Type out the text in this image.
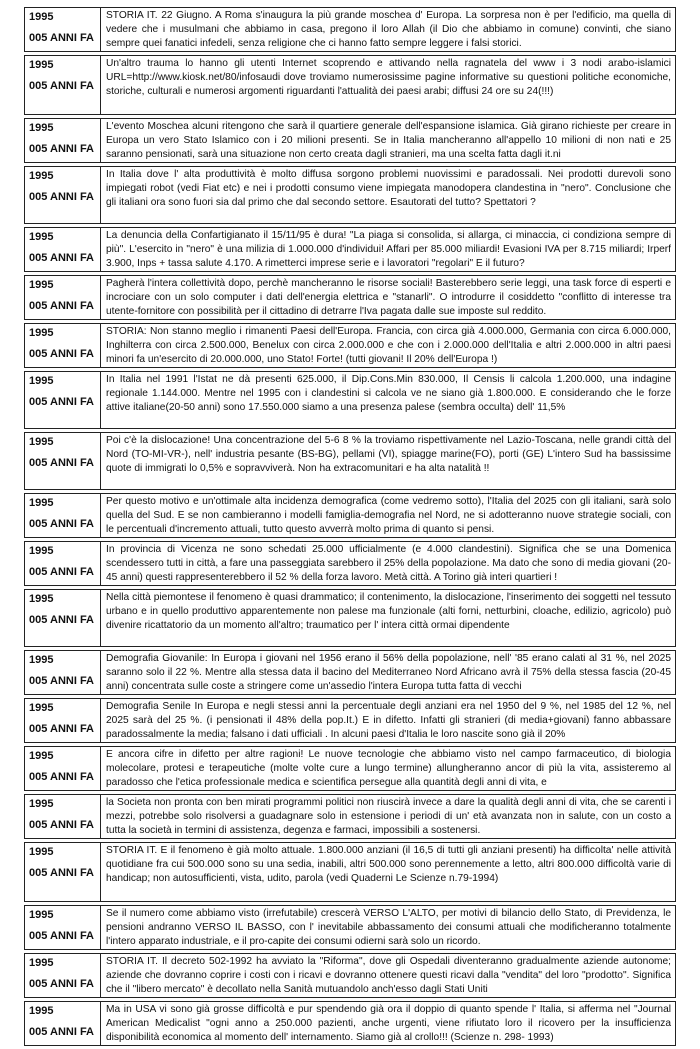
1995
005 ANNI FA
STORIA IT. 22 Giugno. A Roma s'inaugura la più grande moschea d' Europa. La sorpresa non è per l'edificio, ma quella di vedere che i musulmani che abbiamo in casa, pregono il loro Allah (il Dio che abbiamo in comune) convinti, che siano sempre quei fanatici infedeli, senza religione che ci hanno fatto sempre leggere i falsi storici.
1995
005 ANNI FA
Un'altro trauma lo hanno gli utenti Internet scoprendo e attivando nella ragnatela del www i 3 nodi arabo-islamici URL=http://www.kiosk.net/80/infosaudi dove troviamo numerosissime pagine informative su questioni politiche economiche, storiche, culturali e numerosi argomenti riguardanti l'attualità dei paesi arabi; diffusi 24 ore su 24(!!!)
1995
005 ANNI FA
L'evento Moschea alcuni ritengono che sarà il quartiere generale dell'espansione islamica. Già girano richieste per creare in Europa un vero Stato Islamico con i 20 milioni presenti. Se in Italia mancheranno all'appello 10 milioni di non nati e 25 saranno pensionati, sarà una situazione non certo creata dagli stranieri, ma una scelta fatta dagli it.ni
1995
005 ANNI FA
In Italia dove l' alta produttività è molto diffusa sorgono problemi nuovissimi e paradossali. Nei prodotti durevoli sono impiegati robot (vedi Fiat etc) e nei i prodotti consumo viene impiegata manodopera clandestina in "nero". Conclusione che gli italiani ora sono fuori sia dal primo che dal secondo settore. Esautorati del tutto? Spettatori ?
1995
005 ANNI FA
La denuncia della Confartigianato il 15/11/95 è dura! "La piaga si consolida, si allarga, ci minaccia, ci condiziona sempre di più". L'esercito in "nero" è una milizia di 1.000.000 d'individui! Affari per 85.000 miliardi! Evasioni IVA per 8.715 miliardi; Irperf 3.900, Inps + tassa salute 4.170. A rimetterci imprese serie e i lavoratori "regolari" E il futuro?
1995
005 ANNI FA
Pagherà l'intera collettività dopo, perchè mancheranno le risorse sociali! Basterebbero serie leggi, una task force di esperti e incrociare con un solo computer i dati dell'energia elettrica e "stanarli". O introdurre il cosiddetto "conflitto di interesse tra utente-fornitore con possibilità per il cittadino di detrarre l'Iva pagata dalle sue imposte sul reddito.
1995
005 ANNI FA
STORIA: Non stanno meglio i rimanenti Paesi dell'Europa. Francia, con circa già 4.000.000, Germania con circa 6.000.000, Inghilterra con circa 2.500.000, Benelux con circa 2.000.000 e che con i 2.000.000 dell'Italia e altri 2.000.000 in altri paesi minori fa un'esercito di 20.000.000, uno Stato! Forte! (tutti giovani! Il 20% dell'Europa !)
1995
005 ANNI FA
In Italia nel 1991 l'Istat ne dà presenti 625.000, il Dip.Cons.Min 830.000, Il Censis li calcola 1.200.000, una indagine regionale 1.144.000. Mentre nel 1995 con i clandestini si calcola ve ne siano già 1.800.000. E considerando che le forze attive italiane(20-50 anni) sono 17.550.000 siamo a una presenza palese (sembra occulta) dell' 11,5%
1995
005 ANNI FA
Poi c'è la dislocazione! Una concentrazione del 5-6 8 % la troviamo rispettivamente nel Lazio-Toscana, nelle grandi città del Nord (TO-MI-VR-), nell' industria pesante (BS-BG), pellami (VI), spiagge marine(FO), porti (GE) L'intero Sud ha bassissime quote di immigrati lo 0,5% e sopravviverà. Non ha extracomunitari e ha alta natalità !!
1995
005 ANNI FA
Per questo motivo e un'ottimale alta incidenza demografica (come vedremo sotto), l'Italia del 2025 con gli italiani, sarà solo quella del Sud. E se non cambieranno i modelli famiglia-demografia nel Nord, ne si adotteranno nuove strategie sociali, con le percentuali d'incremento attuali, tutto questo avverrà molto prima di quanto si pensi.
1995
005 ANNI FA
In provincia di Vicenza ne sono schedati 25.000 ufficialmente (e 4.000 clandestini). Significa che se una Domenica scendessero tutti in città, a fare una passeggiata sarebbero il 25% della popolazione. Ma dato che sono di media giovani (20-45 anni) questi rappresenterebbero il 52 % della forza lavoro. Metà città. A Torino già interi quartieri !
1995
005 ANNI FA
Nella città piemontese il fenomeno è quasi drammatico; il contenimento, la dislocazione, l'inserimento dei soggetti nel tessuto urbano e in quello produttivo apparentemente non palese ma funzionale (alti forni, netturbini, cloache, edilizio, agricolo) può divenire ricattatorio da un momento all'altro; traumatico per l' intera città ormai dipendente
1995
005 ANNI FA
Demografia Giovanile: In Europa i giovani nel 1956 erano il 56% della popolazione, nell' '85 erano calati al 31 %, nel 2025 saranno solo il 22 %. Mentre alla stessa data il bacino del Mediterraneo Nord Africano avrà il 75% della stessa fascia (20-45 anni) concentrata sulle coste a stringere come un'assedio l'intera Europa tutta fatta di vecchi
1995
005 ANNI FA
Demografia Senile In Europa e negli stessi anni la percentuale degli anziani era nel 1950 del 9 %, nel 1985 del 12 %, nel 2025 sarà del 25 %. (i pensionati il 48% della pop.It.) E in difetto. Infatti gli stranieri (di media+giovani) fanno abbassare paradossalmente la media; falsano i dati ufficiali . In alcuni paesi d'Italia le loro nascite sono già il 20%
1995
005 ANNI FA
E ancora cifre in difetto per altre ragioni! Le nuove tecnologie che abbiamo visto nel campo farmaceutico, di biologia molecolare, protesi e terapeutiche (molte volte cure a lungo termine) allungheranno ancor di più la vita, assisteremo al paradosso che l'etica professionale medica e scientifica persegue alla quantità degli anni di vita, e
1995
005 ANNI FA
la Societa non pronta con ben mirati programmi politici non riuscirà invece a dare la qualità degli anni di vita, che se carenti i mezzi, potrebbe solo risolversi a guadagnare solo in estensione i periodi di un' età avanzata non in salute, con un costo a tutta la società in termini di assistenza, degenza e farmaci, impossibili a sostenersi.
1995
005 ANNI FA
STORIA IT. E il fenomeno è già molto attuale. 1.800.000 anziani (il 16,5 di tutti gli anziani presenti) ha difficolta' nelle attività quotidiane fra cui 500.000 sono su una sedia, inabili, altri 500.000 sono perennemente a letto, altri 800.000 difficoltà varie di handicap; non autosufficienti, vista, udito, parola (vedi Quaderni Le Scienze n.79-1994)
1995
005 ANNI FA
Se il numero come abbiamo visto (irrefutabile) crescerà VERSO L'ALTO, per motivi di bilancio dello Stato, di Previdenza, le pensioni andranno VERSO IL BASSO, con l' inevitabile abbassamento dei consumi attuali che modificheranno totalmente l'intero apparato industriale, e il pro-capite dei consumi odierni sarà solo un ricordo.
1995
005 ANNI FA
STORIA IT. Il decreto 502-1992 ha avviato la "Riforma", dove gli Ospedali diventeranno gradualmente aziende autonome; aziende che dovranno coprire i costi con i ricavi e dovranno ottenere questi ricavi dalla "vendita" del loro "prodotto". Significa che il "libero mercato" è decollato nella Sanità mutuandolo anch'esso dagli Stati Uniti
1995
005 ANNI FA
Ma in USA vi sono già grosse difficoltà e pur spendendo già ora il doppio di quanto spende l' Italia, si afferma nel "Journal American Medicalist "ogni anno a 250.000 pazienti, anche urgenti, viene rifiutato loro il ricovero per la insufficienza disponibilità economica al momento dell' internamento. Siamo già al crollo!!! (Scienze n. 298- 1993)
